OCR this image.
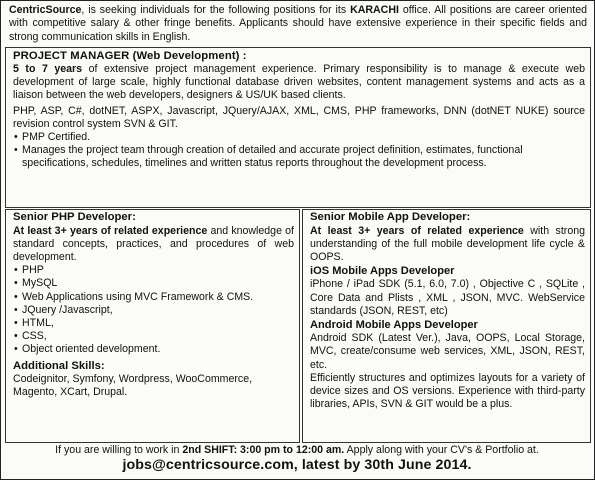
CentricSource, is seeking individuals for the following positions for its KARACHI office. All positions are career oriented with competitive salary & other fringe benefits. Applicants should have extensive experience in their specific fields and strong communication skills in English.
PROJECT MANAGER (Web Development) :

5 to 7 years of extensive project management experience. Primary responsibility is to manage & execute web development of large scale, highly functional database driven websites, content management systems and acts as a liaison between the web developers, designers & US/UK based clients.

PHP, ASP, C#, dotNET, ASPX, Javascript, JQuery/AJAX, XML, CMS, PHP frameworks, DNN (dotNET NUKE) source revision control system SVN & GIT.

• PMP Certified.

• Manages the project team through creation of detailed and accurate project definition, estimates, functional specifications, schedules, timelines and written status reports throughout the development process.

Senior PHP Developer:

At least 3+ years of related experience and knowledge of standard concepts, practices, and procedures of web development.

• PHP

• MySQL

• Web Applications using MVC Framework & CMS.

• JQuery /Javascript,

• HTML,

• CSS,

• Object oriented development.

Additional Skills:

Codeignitor, Symfony, Wordpress, WooCommerce, Magento, XCart, Drupal.

Senior Mobile App Developer:

At least 3+ years of related experience with strong understanding of the full mobile development life cycle & OOPS.

iOS Mobile Apps Developer

iPhone / iPad SDK (5.1, 6.0, 7.0) , Objective C , SQLite , Core Data and Plists , XML , JSON, MVC. WebService standards (JSON, REST, etc)

Android Mobile Apps Developer

Android SDK (Latest Ver.), Java, OOPS, Local Storage, MVC, create/consume web services, XML, JSON, REST, etc.

Efficiently structures and optimizes layouts for a variety of device sizes and OS versions. Experience with third-party libraries, APIs, SVN & GIT would be a plus.

If you are willing to work in 2nd SHIFT: 3:00 pm to 12:00 am. Apply along with your CV's & Portfolio at.
jobs@centricsource.com, latest by 30th June 2014.
